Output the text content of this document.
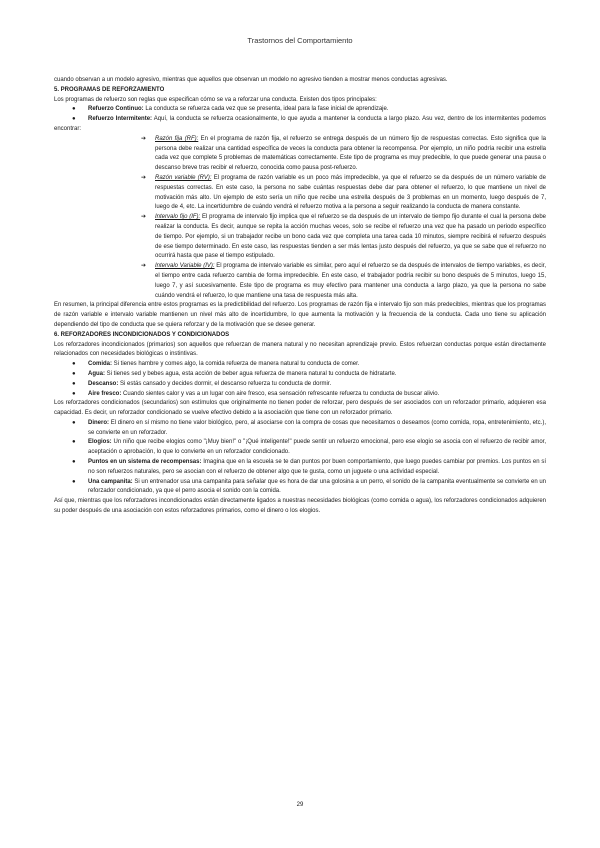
Trastornos del Comportamiento

cuando observan a un modelo agresivo, mientras que aquellos que observan un modelo no agresivo tienden a mostrar menos conductas agresivas.

5. PROGRAMAS DE REFORZAMIENTO

Los programas de refuerzo son reglas que especifican cómo se va a reforzar una conducta. Existen dos tipos principales:

● Refuerzo Continuo: La conducta se refuerza cada vez que se presenta, ideal para la fase inicial de aprendizaje.
● Refuerzo Intermitente: Aquí, la conducta se refuerza ocasionalmente, lo que ayuda a mantener la conducta a largo plazo. Asu vez, dentro de los intermitentes podemos encontrar:
➔ Razón fija (RF): En el programa de razón fija, el refuerzo se entrega después de un número fijo de respuestas correctas. Esto significa que la persona debe realizar una cantidad específica de veces la conducta para obtener la recompensa. Por ejemplo, un niño podría recibir una estrella cada vez que complete 5 problemas de matemáticas correctamente. Este tipo de programa es muy predecible, lo que puede generar una pausa o descanso breve tras recibir el refuerzo, conocida como pausa post-refuerzo.
➔ Razón variable (RV): El programa de razón variable es un poco más impredecible, ya que el refuerzo se da después de un número variable de respuestas correctas. En este caso, la persona no sabe cuántas respuestas debe dar para obtener el refuerzo, lo que mantiene un nivel de motivación más alto. Un ejemplo de esto sería un niño que recibe una estrella después de 3 problemas en un momento, luego después de 7, luego de 4, etc. La incertidumbre de cuándo vendrá el refuerzo motiva a la persona a seguir realizando la conducta de manera constante.
➔ Intervalo fijo (IF): El programa de intervalo fijo implica que el refuerzo se da después de un intervalo de tiempo fijo durante el cual la persona debe realizar la conducta. Es decir, aunque se repita la acción muchas veces, solo se recibe el refuerzo una vez que ha pasado un periodo específico de tiempo. Por ejemplo, si un trabajador recibe un bono cada vez que completa una tarea cada 10 minutos, siempre recibirá el refuerzo después de ese tiempo determinado. En este caso, las respuestas tienden a ser más lentas justo después del refuerzo, ya que se sabe que el refuerzo no ocurrirá hasta que pase el tiempo estipulado.
➔ Intervalo Variable (IV): El programa de intervalo variable es similar, pero aquí el refuerzo se da después de intervalos de tiempo variables, es decir, el tiempo entre cada refuerzo cambia de forma impredecible. En este caso, el trabajador podría recibir su bono después de 5 minutos, luego 15, luego 7, y así sucesivamente. Este tipo de programa es muy efectivo para mantener una conducta a largo plazo, ya que la persona no sabe cuándo vendrá el refuerzo, lo que mantiene una tasa de respuesta más alta.

En resumen, la principal diferencia entre estos programas es la predictibilidad del refuerzo. Los programas de razón fija e intervalo fijo son más predecibles, mientras que los programas de razón variable e intervalo variable mantienen un nivel más alto de incertidumbre, lo que aumenta la motivación y la frecuencia de la conducta. Cada uno tiene su aplicación dependiendo del tipo de conducta que se quiera reforzar y de la motivación que se desee generar.

6. REFORZADORES INCONDICIONADOS Y CONDICIONADOS

Los reforzadores incondicionados (primarios) son aquellos que refuerzan de manera natural y no necesitan aprendizaje previo. Estos refuerzan conductas porque están directamente relacionados con necesidades biológicas o instintivas.

● Comida: Si tienes hambre y comes algo, la comida refuerza de manera natural tu conducta de comer.
● Agua: Si tienes sed y bebes agua, esta acción de beber agua refuerza de manera natural tu conducta de hidratarte.
● Descanso: Si estás cansado y decides dormir, el descanso refuerza tu conducta de dormir.
● Aire fresco: Cuando sientes calor y vas a un lugar con aire fresco, esa sensación refrescante refuerza tu conducta de buscar alivio.

Los reforzadores condicionados (secundarios) son estímulos que originalmente no tienen poder de reforzar, pero después de ser asociados con un reforzador primario, adquieren esa capacidad. Es decir, un reforzador condicionado se vuelve efectivo debido a la asociación que tiene con un reforzador primario.

● Dinero: El dinero en sí mismo no tiene valor biológico, pero, al asociarse con la compra de cosas que necesitamos o deseamos (como comida, ropa, entretenimiento, etc.), se convierte en un reforzador.
● Elogios: Un niño que recibe elogios como "¡Muy bien!" o "¡Qué inteligente!" puede sentir un refuerzo emocional, pero ese elogio se asocia con el refuerzo de recibir amor, aceptación o aprobación, lo que lo convierte en un reforzador condicionado.
● Puntos en un sistema de recompensas: Imagina que en la escuela se te dan puntos por buen comportamiento, que luego puedes cambiar por premios. Los puntos en sí no son refuerzos naturales, pero se asocian con el refuerzo de obtener algo que te gusta, como un juguete o una actividad especial.
● Una campanita: Si un entrenador usa una campanita para señalar que es hora de dar una golosina a un perro, el sonido de la campanita eventualmente se convierte en un reforzador condicionado, ya que el perro asocia el sonido con la comida.

Así que, mientras que los reforzadores incondicionados están directamente ligados a nuestras necesidades biológicas (como comida o agua), los reforzadores condicionados adquieren su poder después de una asociación con estos reforzadores primarios, como el dinero o los elogios.

29
